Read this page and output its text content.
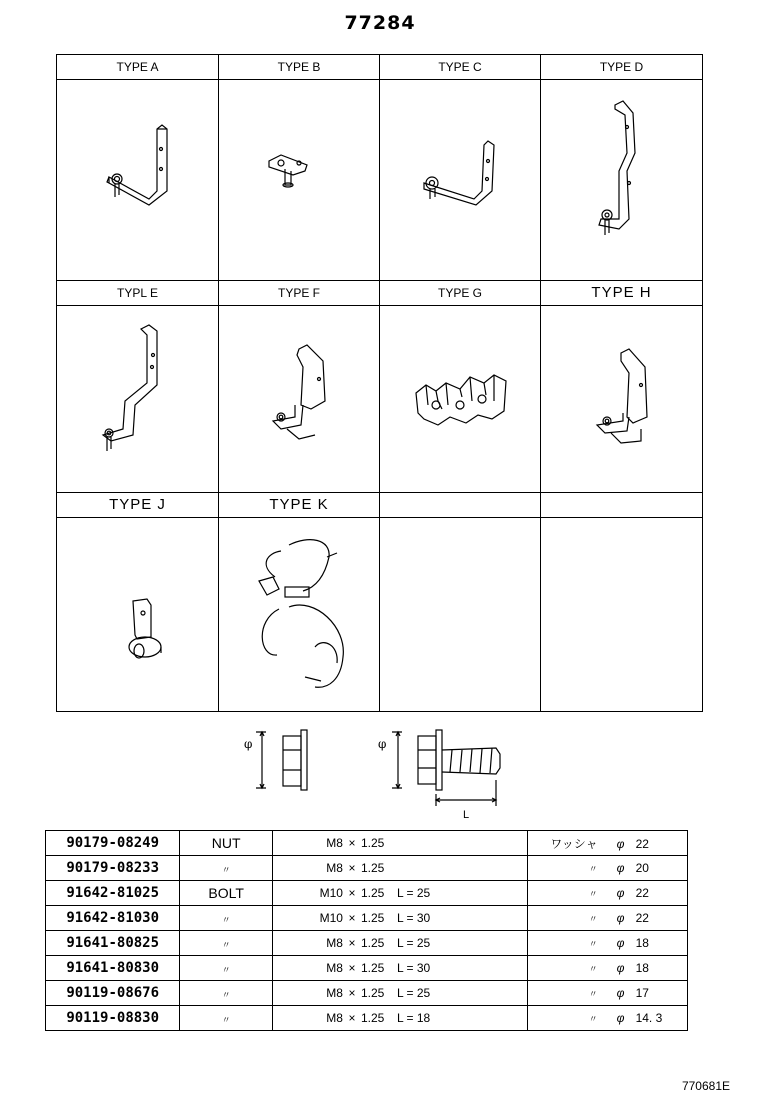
77284
TYPE A	TYPE B	TYPE C	TYPE D
TYPL E	TYPE F	TYPE G	TYPE H
TYPE J	TYPE K
φ	φ
L
90179-08249	NUT	M8 × 1.25	ワッシャ φ 22
90179-08233	〃	M8 × 1.25	〃 φ 20
91642-81025	BOLT	M10 × 1.25 L = 25	〃 φ 22
91642-81030	〃	M10 × 1.25 L = 30	〃 φ 22
91641-80825	〃	M8 × 1.25 L = 25	〃 φ 18
91641-80830	〃	M8 × 1.25 L = 30	〃 φ 18
90119-08676	〃	M8 × 1.25 L = 25	〃 φ 17
90119-08830	〃	M8 × 1.25 L = 18	〃 φ 14. 3
770681E
